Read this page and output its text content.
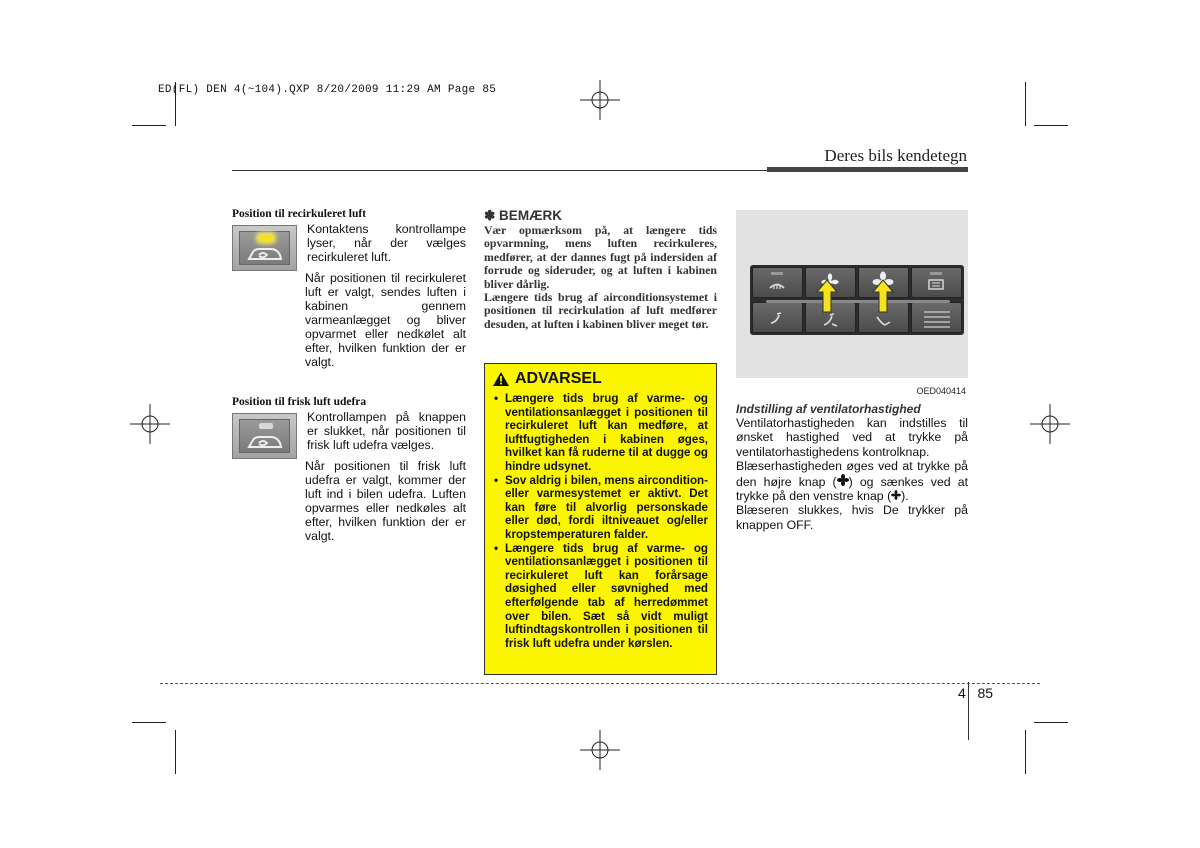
ED(FL) DEN 4(~104).QXP 8/20/2009 11:29 AM Page 85
Deres bils kendetegn
Position til recirkuleret luft

Kontaktens kontrollampe lyser, når der vælges recirkuleret luft.

Når positionen til recirkuleret luft er valgt, sendes luften i kabinen gennem varmeanlægget og bliver opvarmet eller nedkølet alt efter, hvilken funktion der er valgt.
Position til frisk luft udefra

Kontrollampen på knappen er slukket, når positionen til frisk luft udefra vælges.

Når positionen til frisk luft udefra er valgt, kommer der luft ind i bilen udefra. Luften opvarmes eller nedkøles alt efter, hvilken funktion der er valgt.
✽ BEMÆRK

Vær opmærksom på, at længere tids opvarmning, mens luften recirkuleres, medfører, at der dannes fugt på indersiden af forrude og sideruder, og at luften i kabinen bliver dårlig.

Længere tids brug af airconditionsystemet i positionen til recirkulation af luft medfører desuden, at luften i kabinen bliver meget tør.

ADVARSEL
• Længere tids brug af varme- og ventilationsanlægget i positionen til recirkuleret luft kan medføre, at luftfugtigheden i kabinen øges, hvilket kan få ruderne til at dugge og hindre udsynet.
• Sov aldrig i bilen, mens aircondition- eller varmesystemet er aktivt. Det kan føre til alvorlig personskade eller død, fordi iltniveauet og/eller kropstemperaturen falder.
• Længere tids brug af varme- og ventilationsanlægget i positionen til recirkuleret luft kan forårsage døsighed eller søvnighed med efterfølgende tab af herredømmet over bilen. Sæt så vidt muligt luftindtagskontrollen i positionen til frisk luft udefra under kørslen.
OED040414
Indstilling af ventilatorhastighed

Ventilatorhastigheden kan indstilles til ønsket hastighed ved at trykke på ventilatorhastighedens kontrolknap.

Blæserhastigheden øges ved at trykke på den højre knap ( ) og sænkes ved at trykke på den venstre knap ( ).

Blæseren slukkes, hvis De trykker på knappen OFF.

4 85
